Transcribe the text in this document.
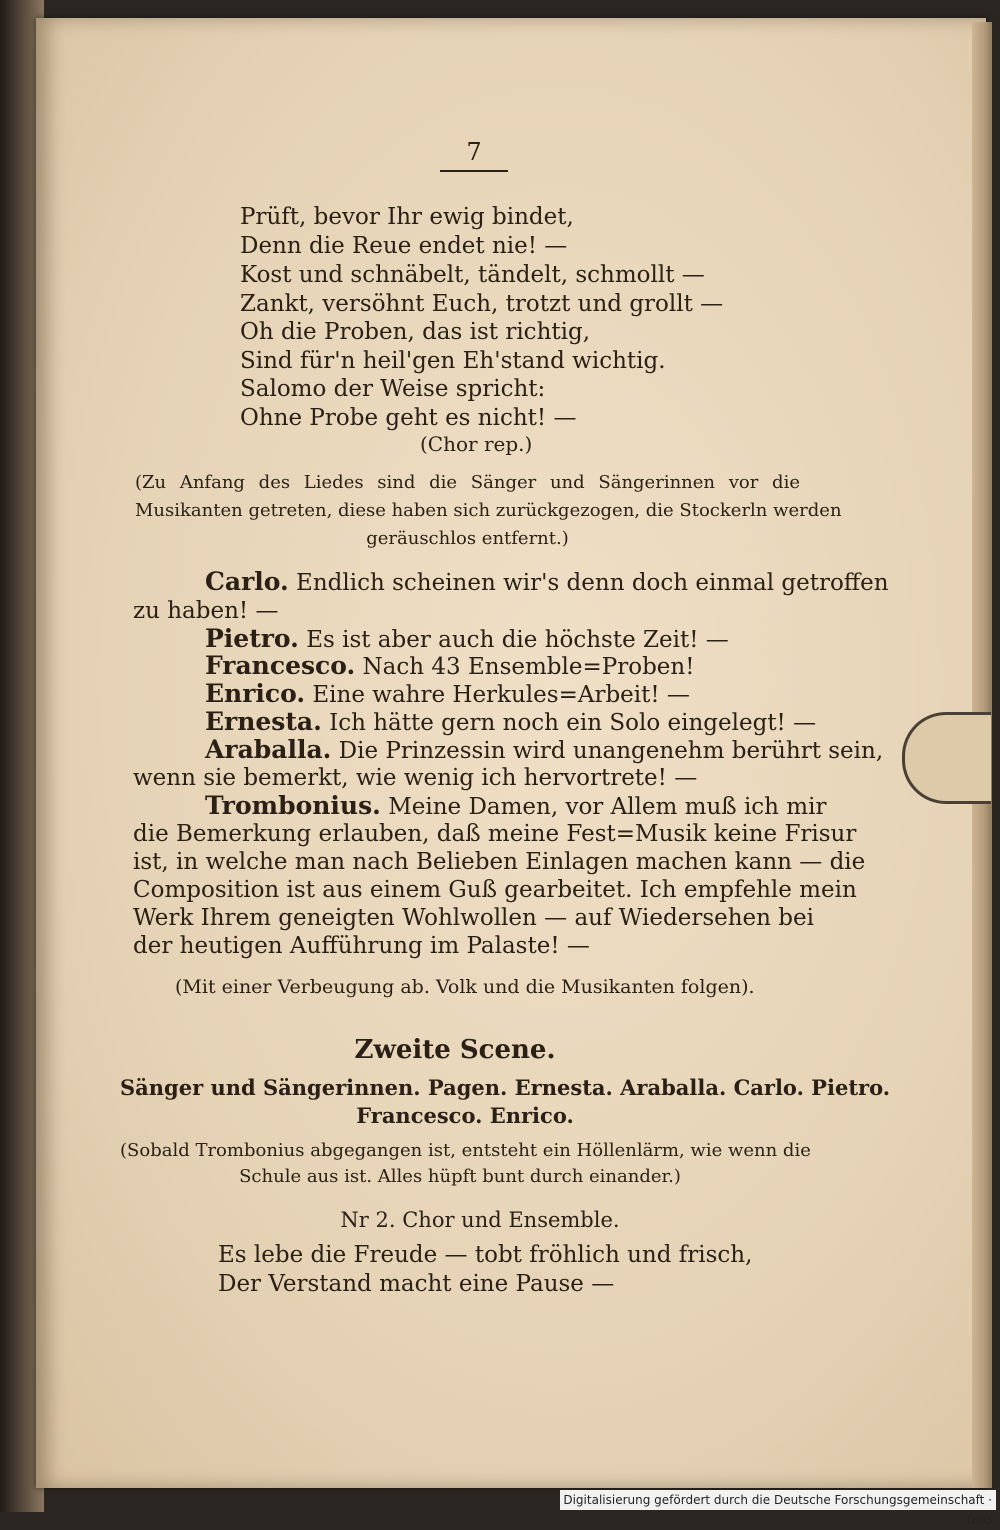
7
Prüft, bevor Ihr ewig bindet,
Denn die Reue endet nie! —
Kost und schnäbelt, tändelt, schmollt —
Zankt, versöhnt Euch, trotzt und grollt —
Oh die Proben, das ist richtig,
Sind für'n heil'gen Eh'stand wichtig.
Salomo der Weise spricht:
Ohne Probe geht es nicht! —
(Chor rep.)
(Zu Anfang des Liedes sind die Sänger und Sängerinnen vor die
Musikanten getreten, diese haben sich zurückgezogen, die Stockerln werden
geräuschlos entfernt.)
Carlo. Endlich scheinen wir's denn doch einmal getroffen
zu haben! —
Pietro. Es ist aber auch die höchste Zeit! —
Francesco. Nach 43 Ensemble=Proben!
Enrico. Eine wahre Herkules=Arbeit! —
Ernesta. Ich hätte gern noch ein Solo eingelegt! —
Araballa. Die Prinzessin wird unangenehm berührt sein,
wenn sie bemerkt, wie wenig ich hervortrete! —
Trombonius. Meine Damen, vor Allem muß ich mir
die Bemerkung erlauben, daß meine Fest=Musik keine Frisur
ist, in welche man nach Belieben Einlagen machen kann — die
Composition ist aus einem Guß gearbeitet. Ich empfehle mein
Werk Ihrem geneigten Wohlwollen — auf Wiedersehen bei
der heutigen Aufführung im Palaste! —
(Mit einer Verbeugung ab. Volk und die Musikanten folgen).
Zweite Scene.
Sänger und Sängerinnen. Pagen. Ernesta. Araballa. Carlo. Pietro.
Francesco. Enrico.
(Sobald Trombonius abgegangen ist, entsteht ein Höllenlärm, wie wenn die
Schule aus ist. Alles hüpft bunt durch einander.)
Nr 2. Chor und Ensemble.
Es lebe die Freude — tobt fröhlich und frisch,
Der Verstand macht eine Pause —
Digitalisierung gefördert durch die Deutsche Forschungsgemeinschaft · DFG
